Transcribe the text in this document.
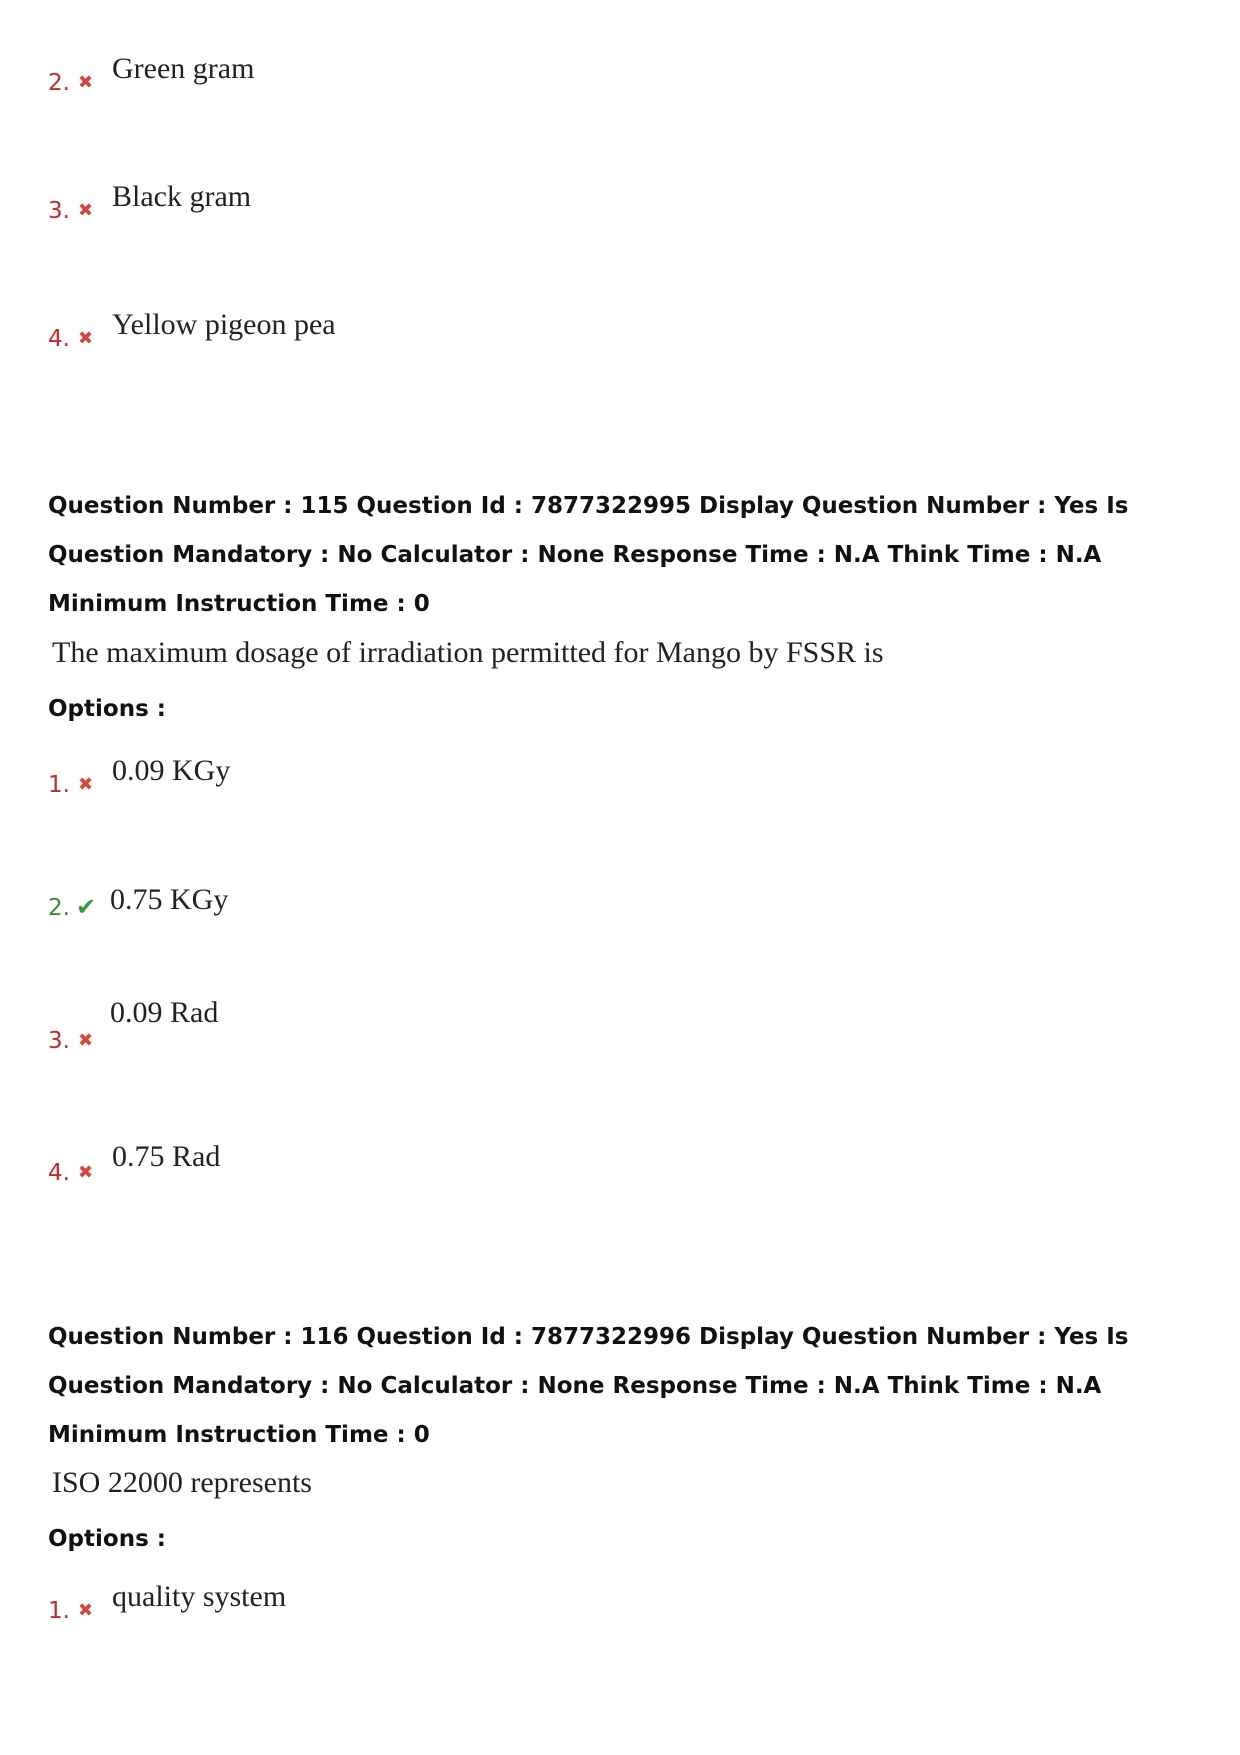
2. ✖ Green gram
3. ✖ Black gram
4. ✖ Yellow pigeon pea
Question Number : 115 Question Id : 7877322995 Display Question Number : Yes Is Question Mandatory : No Calculator : None Response Time : N.A Think Time : N.A Minimum Instruction Time : 0
The maximum dosage of irradiation permitted for Mango by FSSR is
Options :
1. ✖ 0.09 KGy
2. ✔ 0.75 KGy
3. ✖
0.09 Rad
4. ✖ 0.75 Rad
Question Number : 116 Question Id : 7877322996 Display Question Number : Yes Is Question Mandatory : No Calculator : None Response Time : N.A Think Time : N.A Minimum Instruction Time : 0
ISO 22000 represents
Options :
1. ✖ quality system
